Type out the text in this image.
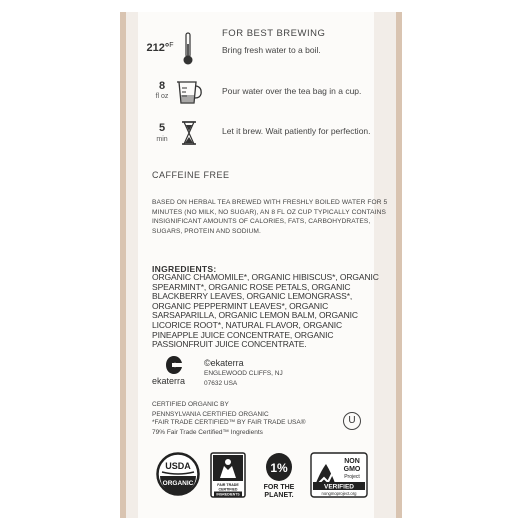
FOR BEST BREWING
212°$^F$	Bring fresh water to a boil.
8
fl oz
Pour water over the tea bag in a cup.
5
min
Let it brew. Wait patiently for perfection.
CAFFEINE FREE
BASED ON HERBAL TEA BREWED WITH FRESHLY BOILED WATER FOR 5 MINUTES (NO MILK, NO SUGAR), AN 8 FL OZ CUP TYPICALLY CONTAINS INSIGNIFICANT AMOUNTS OF CALORIES, FATS, CARBOHYDRATES, SUGARS, PROTEIN AND SODIUM.
INGREDIENTS:
ORGANIC CHAMOMILE*, ORGANIC HIBISCUS*, ORGANIC SPEARMINT*, ORGANIC ROSE PETALS, ORGANIC BLACKBERRY LEAVES, ORGANIC LEMONGRASS*, ORGANIC PEPPERMINT LEAVES*, ORGANIC SARSAPARILLA, ORGANIC LEMON BALM, ORGANIC LICORICE ROOT*, NATURAL FLAVOR, ORGANIC PINEAPPLE JUICE CONCENTRATE, ORGANIC PASSIONFRUIT JUICE CONCENTRATE.
ekaterra
©ekaterra
ENGLEWOOD CLIFFS, NJ
07632 USA
CERTIFIED ORGANIC BY
PENNSYLVANIA CERTIFIED ORGANIC
*FAIR TRADE CERTIFIED™ BY FAIR TRADE USA®
79% Fair Trade Certified™ Ingredients
U
USDA
ORGANIC	FAIR TRADE
CERTIFIED
INGREDIENTS
1%
FOR THE
PLANET.
NON
GMO
Project
VERIFIED
nongmoproject.org
